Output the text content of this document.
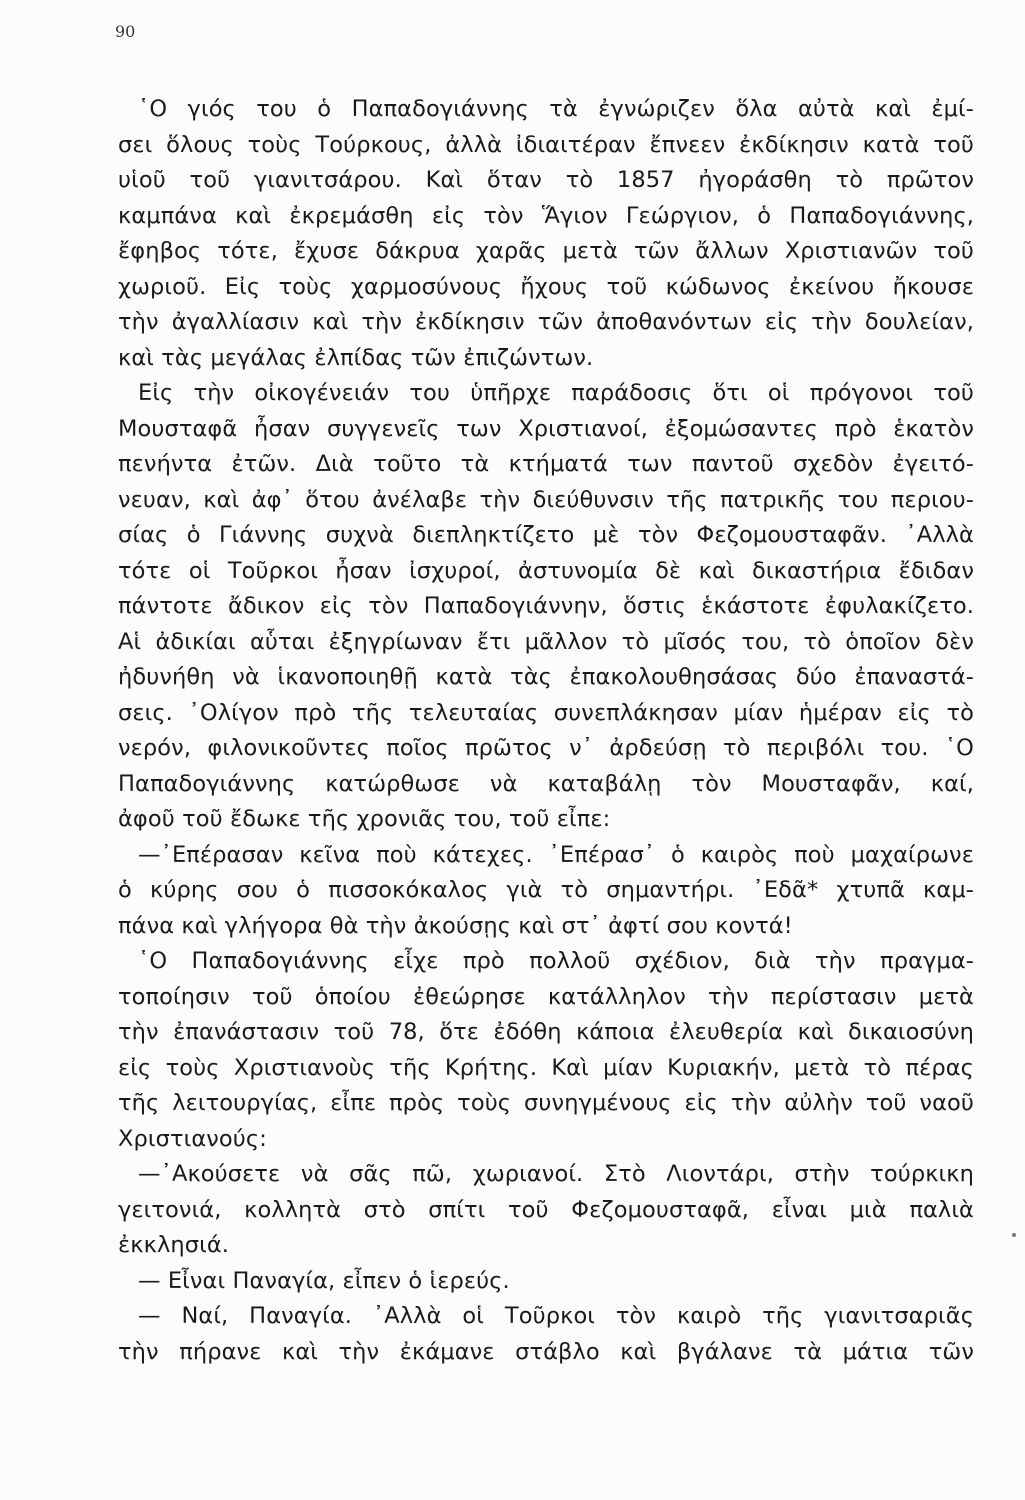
90
῾Ο γιός του ὁ Παπαδογιάννης τὰ ἐγνώριζεν ὅλα αὐτὰ καὶ ἐμί-
σει ὅλους τοὺς Τούρκους, ἀλλὰ ἰδιαιτέραν ἔπνεεν ἐκδίκησιν κατὰ τοῦ
υἱοῦ τοῦ γιανιτσάρου. Καὶ ὅταν τὸ 1857 ἠγοράσθη τὸ πρῶτον
καμπάνα καὶ ἐκρεμάσθη εἰς τὸν Ἅγιον Γεώργιον, ὁ Παπαδογιάννης,
ἔφηβος τότε, ἔχυσε δάκρυα χαρᾶς μετὰ τῶν ἄλλων Χριστιανῶν τοῦ
χωριοῦ. Εἰς τοὺς χαρμοσύνους ἤχους τοῦ κώδωνος ἐκείνου ἤκουσε
τὴν ἀγαλλίασιν καὶ τὴν ἐκδίκησιν τῶν ἀποθανόντων εἰς τὴν δουλείαν,
καὶ τὰς μεγάλας ἐλπίδας τῶν ἐπιζώντων.
Εἰς τὴν οἰκογένειάν του ὑπῆρχε παράδοσις ὅτι οἱ πρόγονοι τοῦ
Μουσταφᾶ ἦσαν συγγενεῖς των Χριστιανοί, ἐξομώσαντες πρὸ ἑκατὸν
πενήντα ἐτῶν. Διὰ τοῦτο τὰ κτήματά των παντοῦ σχεδὸν ἐγειτό-
νευαν, καὶ ἀφ᾽ ὅτου ἀνέλαβε τὴν διεύθυνσιν τῆς πατρικῆς του περιου-
σίας ὁ Γιάννης συχνὰ διεπληκτίζετο μὲ τὸν Φεζομουσταφᾶν. ᾿Αλλὰ
τότε οἱ Τοῦρκοι ἦσαν ἰσχυροί, ἀστυνομία δὲ καὶ δικαστήρια ἔδιδαν
πάντοτε ἄδικον εἰς τὸν Παπαδογιάννην, ὅστις ἑκάστοτε ἐφυλακίζετο.
Αἱ ἀδικίαι αὗται ἐξηγρίωναν ἔτι μᾶλλον τὸ μῖσός του, τὸ ὁποῖον δὲν
ἠδυνήθη νὰ ἱκανοποιηθῇ κατὰ τὰς ἐπακολουθησάσας δύο ἐπαναστά-
σεις. ᾿Ολίγον πρὸ τῆς τελευταίας συνεπλάκησαν μίαν ἡμέραν εἰς τὸ
νερόν, φιλονικοῦντες ποῖος πρῶτος ν᾽ ἀρδεύσῃ τὸ περιβόλι του. ῾Ο
Παπαδογιάννης κατώρθωσε νὰ καταβάλῃ τὸν Μουσταφᾶν, καί,
ἀφοῦ τοῦ ἔδωκε τῆς χρονιᾶς του, τοῦ εἶπε:
—᾿Επέρασαν κεῖνα ποὺ κάτεχες. ᾿Επέρασ᾽ ὁ καιρὸς ποὺ μαχαίρωνε
ὁ κύρης σου ὁ πισσοκόκαλος γιὰ τὸ σημαντήρι. ᾿Εδᾶ* χτυπᾶ καμ-
πάνα καὶ γλήγορα θὰ τὴν ἀκούσῃς καὶ στ᾽ ἀφτί σου κοντά!
῾Ο Παπαδογιάννης εἶχε πρὸ πολλοῦ σχέδιον, διὰ τὴν πραγμα-
τοποίησιν τοῦ ὁποίου ἐθεώρησε κατάλληλον τὴν περίστασιν μετὰ
τὴν ἐπανάστασιν τοῦ 78, ὅτε ἐδόθη κάποια ἐλευθερία καὶ δικαιοσύνη
εἰς τοὺς Χριστιανοὺς τῆς Κρήτης. Καὶ μίαν Κυριακήν, μετὰ τὸ πέρας
τῆς λειτουργίας, εἶπε πρὸς τοὺς συνηγμένους εἰς τὴν αὐλὴν τοῦ ναοῦ
Χριστιανούς:
—᾿Ακούσετε νὰ σᾶς πῶ, χωριανοί. Στὸ Λιοντάρι, στὴν τούρκικη
γειτονιά, κολλητὰ στὸ σπίτι τοῦ Φεζομουσταφᾶ, εἶναι μιὰ παλιὰ
ἐκκλησιά.
— Εἶναι Παναγία, εἶπεν ὁ ἱερεύς.
— Ναί, Παναγία. ᾿Αλλὰ οἱ Τοῦρκοι τὸν καιρὸ τῆς γιανιτσαριᾶς
τὴν πήρανε καὶ τὴν ἐκάμανε στάβλο καὶ βγάλανε τὰ μάτια τῶν
